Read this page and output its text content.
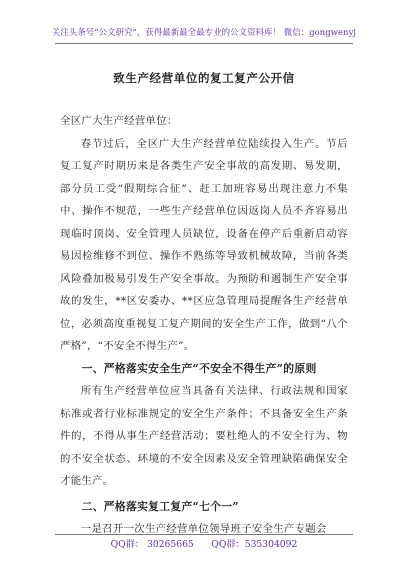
关注头条号“公文研究”，获得最新最全最专业的公文资料库！ 微信：gongwenyj
致生产经营单位的复工复产公开信

全区广大生产经营单位：

春节过后，全区广大生产经营单位陆续投入生产。节后复工复产时期历来是各类生产安全事故的高发期、易发期，部分员工受“假期综合征”、赶工加班容易出现注意力不集中、操作不规范，一些生产经营单位因返岗人员不齐容易出现临时顶岗、安全管理人员缺位，设备在停产后重新启动容易因检维修不到位、操作不熟练等导致机械故障，当前各类风险叠加极易引发生产安全事故。为预防和遏制生产安全事故的发生，**区安委办、**区应急管理局提醒各生产经营单位，必须高度重视复工复产期间的安全生产工作，做到“八个严格”，“不安全不得生产”。

一、严格落实安全生产“不安全不得生产”的原则

所有生产经营单位应当具备有关法律、行政法规和国家标准或者行业标准规定的安全生产条件；不具备安全生产条件的，不得从事生产经营活动；要杜绝人的不安全行为、物的不安全状态、环境的不安全因素及安全管理缺陷确保安全才能生产。

二、严格落实复工复产“七个一”

一是召开一次生产经营单位领导班子安全生产专题会

QQ群： 30265665      QQ群：535304092
